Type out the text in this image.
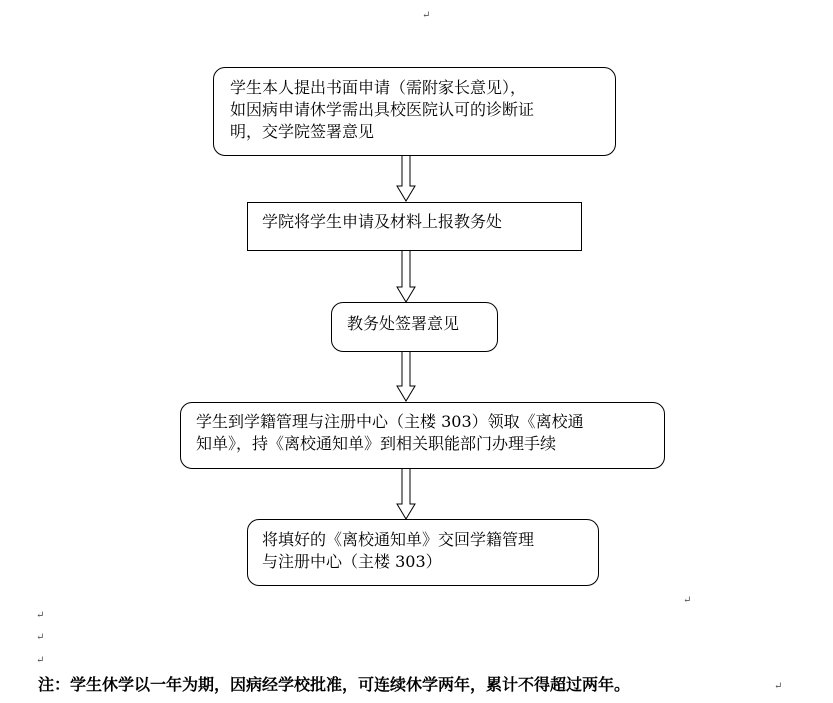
↵
↵
↵
↵
↵
↵
学生本人提出书面申请（需附家长意见），
如因病申请休学需出具校医院认可的诊断证
明，交学院签署意见
学院将学生申请及材料上报教务处
教务处签署意见
学生到学籍管理与注册中心（主楼 303）领取《离校通
知单》，持《离校通知单》到相关职能部门办理手续
将填好的《离校通知单》交回学籍管理
与注册中心（主楼 303）
注：学生休学以一年为期，因病经学校批准，可连续休学两年，累计不得超过两年。
